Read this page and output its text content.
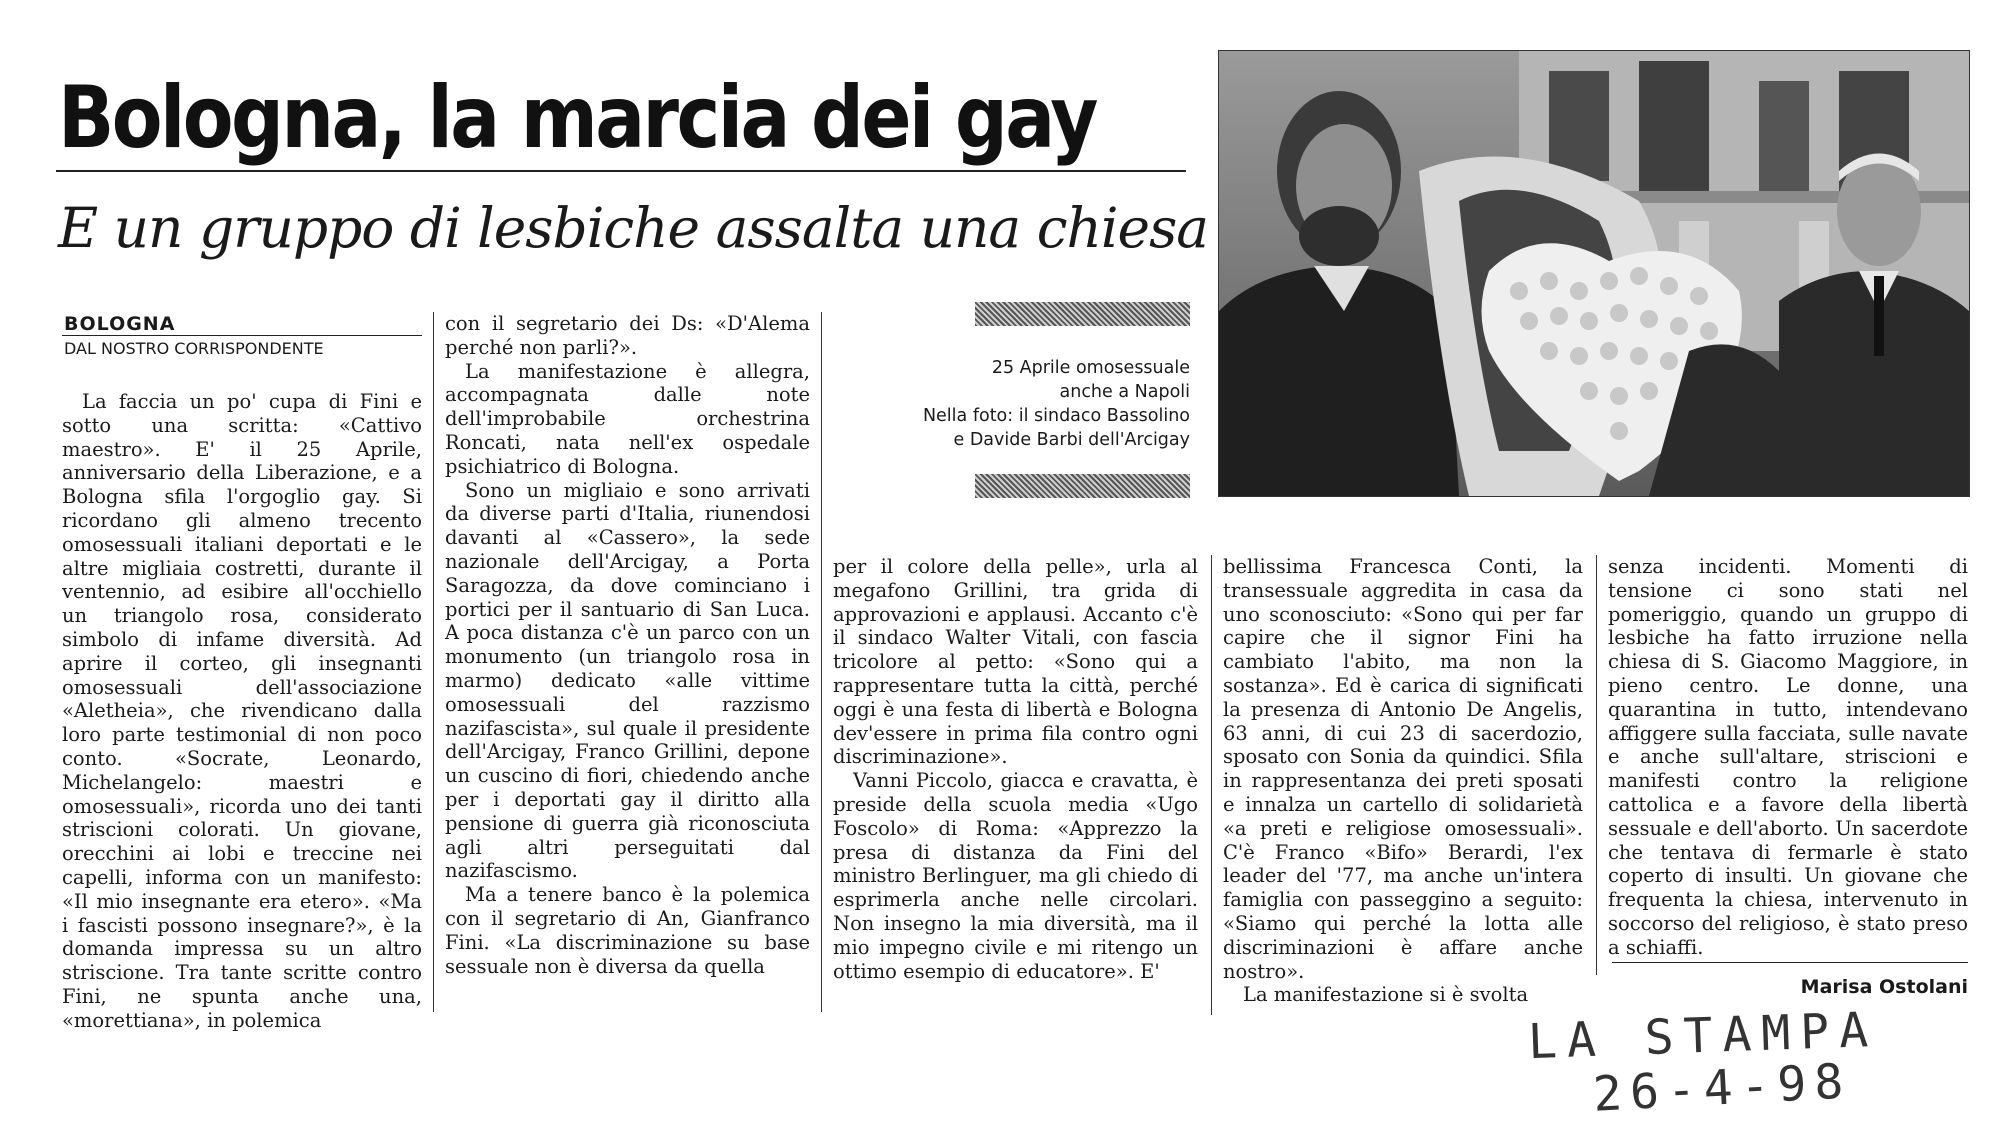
Bologna, la marcia dei gay
E un gruppo di lesbiche assalta una chiesa
BOLOGNA
DAL NOSTRO CORRISPONDENTE

La faccia un po' cupa di Fini e sotto una scritta: «Cattivo maestro». E' il 25 Aprile, anniversario della Liberazione, e a Bologna sfila l'orgoglio gay. Si ricordano gli almeno trecento omosessuali italiani deportati e le altre migliaia costretti, durante il ventennio, ad esibire all'occhiello un triangolo rosa, considerato simbolo di infame diversità. Ad aprire il corteo, gli insegnanti omosessuali dell'associazione «Aletheia», che rivendicano dalla loro parte testimonial di non poco conto. «Socrate, Leonardo, Michelangelo: maestri e omosessuali», ricorda uno dei tanti striscioni colorati. Un giovane, orecchini ai lobi e treccine nei capelli, informa con un manifesto: «Il mio insegnante era etero». «Ma i fascisti possono insegnare?», è la domanda impressa su un altro striscione. Tra tante scritte contro Fini, ne spunta anche una, «morettiana», in polemica

con il segretario dei Ds: «D'Alema perché non parli?».

La manifestazione è allegra, accompagnata dalle note dell'improbabile orchestrina Roncati, nata nell'ex ospedale psichiatrico di Bologna.

Sono un migliaio e sono arrivati da diverse parti d'Italia, riunendosi davanti al «Cassero», la sede nazionale dell'Arcigay, a Porta Saragozza, da dove cominciano i portici per il santuario di San Luca. A poca distanza c'è un parco con un monumento (un triangolo rosa in marmo) dedicato «alle vittime omosessuali del razzismo nazifascista», sul quale il presidente dell'Arcigay, Franco Grillini, depone un cuscino di fiori, chiedendo anche per i deportati gay il diritto alla pensione di guerra già riconosciuta agli altri perseguitati dal nazifascismo.

Ma a tenere banco è la polemica con il segretario di An, Gianfranco Fini. «La discriminazione su base sessuale non è diversa da quella

25 Aprile omosessuale
anche a Napoli
Nella foto: il sindaco Bassolino
e Davide Barbi dell'Arcigay

per il colore della pelle», urla al megafono Grillini, tra grida di approvazioni e applausi. Accanto c'è il sindaco Walter Vitali, con fascia tricolore al petto: «Sono qui a rappresentare tutta la città, perché oggi è una festa di libertà e Bologna dev'essere in prima fila contro ogni discriminazione».

Vanni Piccolo, giacca e cravatta, è preside della scuola media «Ugo Foscolo» di Roma: «Apprezzo la presa di distanza da Fini del ministro Berlinguer, ma gli chiedo di esprimerla anche nelle circolari. Non insegno la mia diversità, ma il mio impegno civile e mi ritengo un ottimo esempio di educatore». E'

bellissima Francesca Conti, la transessuale aggredita in casa da uno sconosciuto: «Sono qui per far capire che il signor Fini ha cambiato l'abito, ma non la sostanza». Ed è carica di significati la presenza di Antonio De Angelis, 63 anni, di cui 23 di sacerdozio, sposato con Sonia da quindici. Sfila in rappresentanza dei preti sposati e innalza un cartello di solidarietà «a preti e religiose omosessuali». C'è Franco «Bifo» Berardi, l'ex leader del '77, ma anche un'intera famiglia con passeggino a seguito: «Siamo qui perché la lotta alle discriminazioni è affare anche nostro».

La manifestazione si è svolta

senza incidenti. Momenti di tensione ci sono stati nel pomeriggio, quando un gruppo di lesbiche ha fatto irruzione nella chiesa di S. Giacomo Maggiore, in pieno centro. Le donne, una quarantina in tutto, intendevano affiggere sulla facciata, sulle navate e anche sull'altare, striscioni e manifesti contro la religione cattolica e a favore della libertà sessuale e dell'aborto. Un sacerdote che tentava di fermarle è stato coperto di insulti. Un giovane che frequenta la chiesa, intervenuto in soccorso del religioso, è stato preso a schiaffi.

Marisa Ostolani
LA STAMPA
26-4-98
